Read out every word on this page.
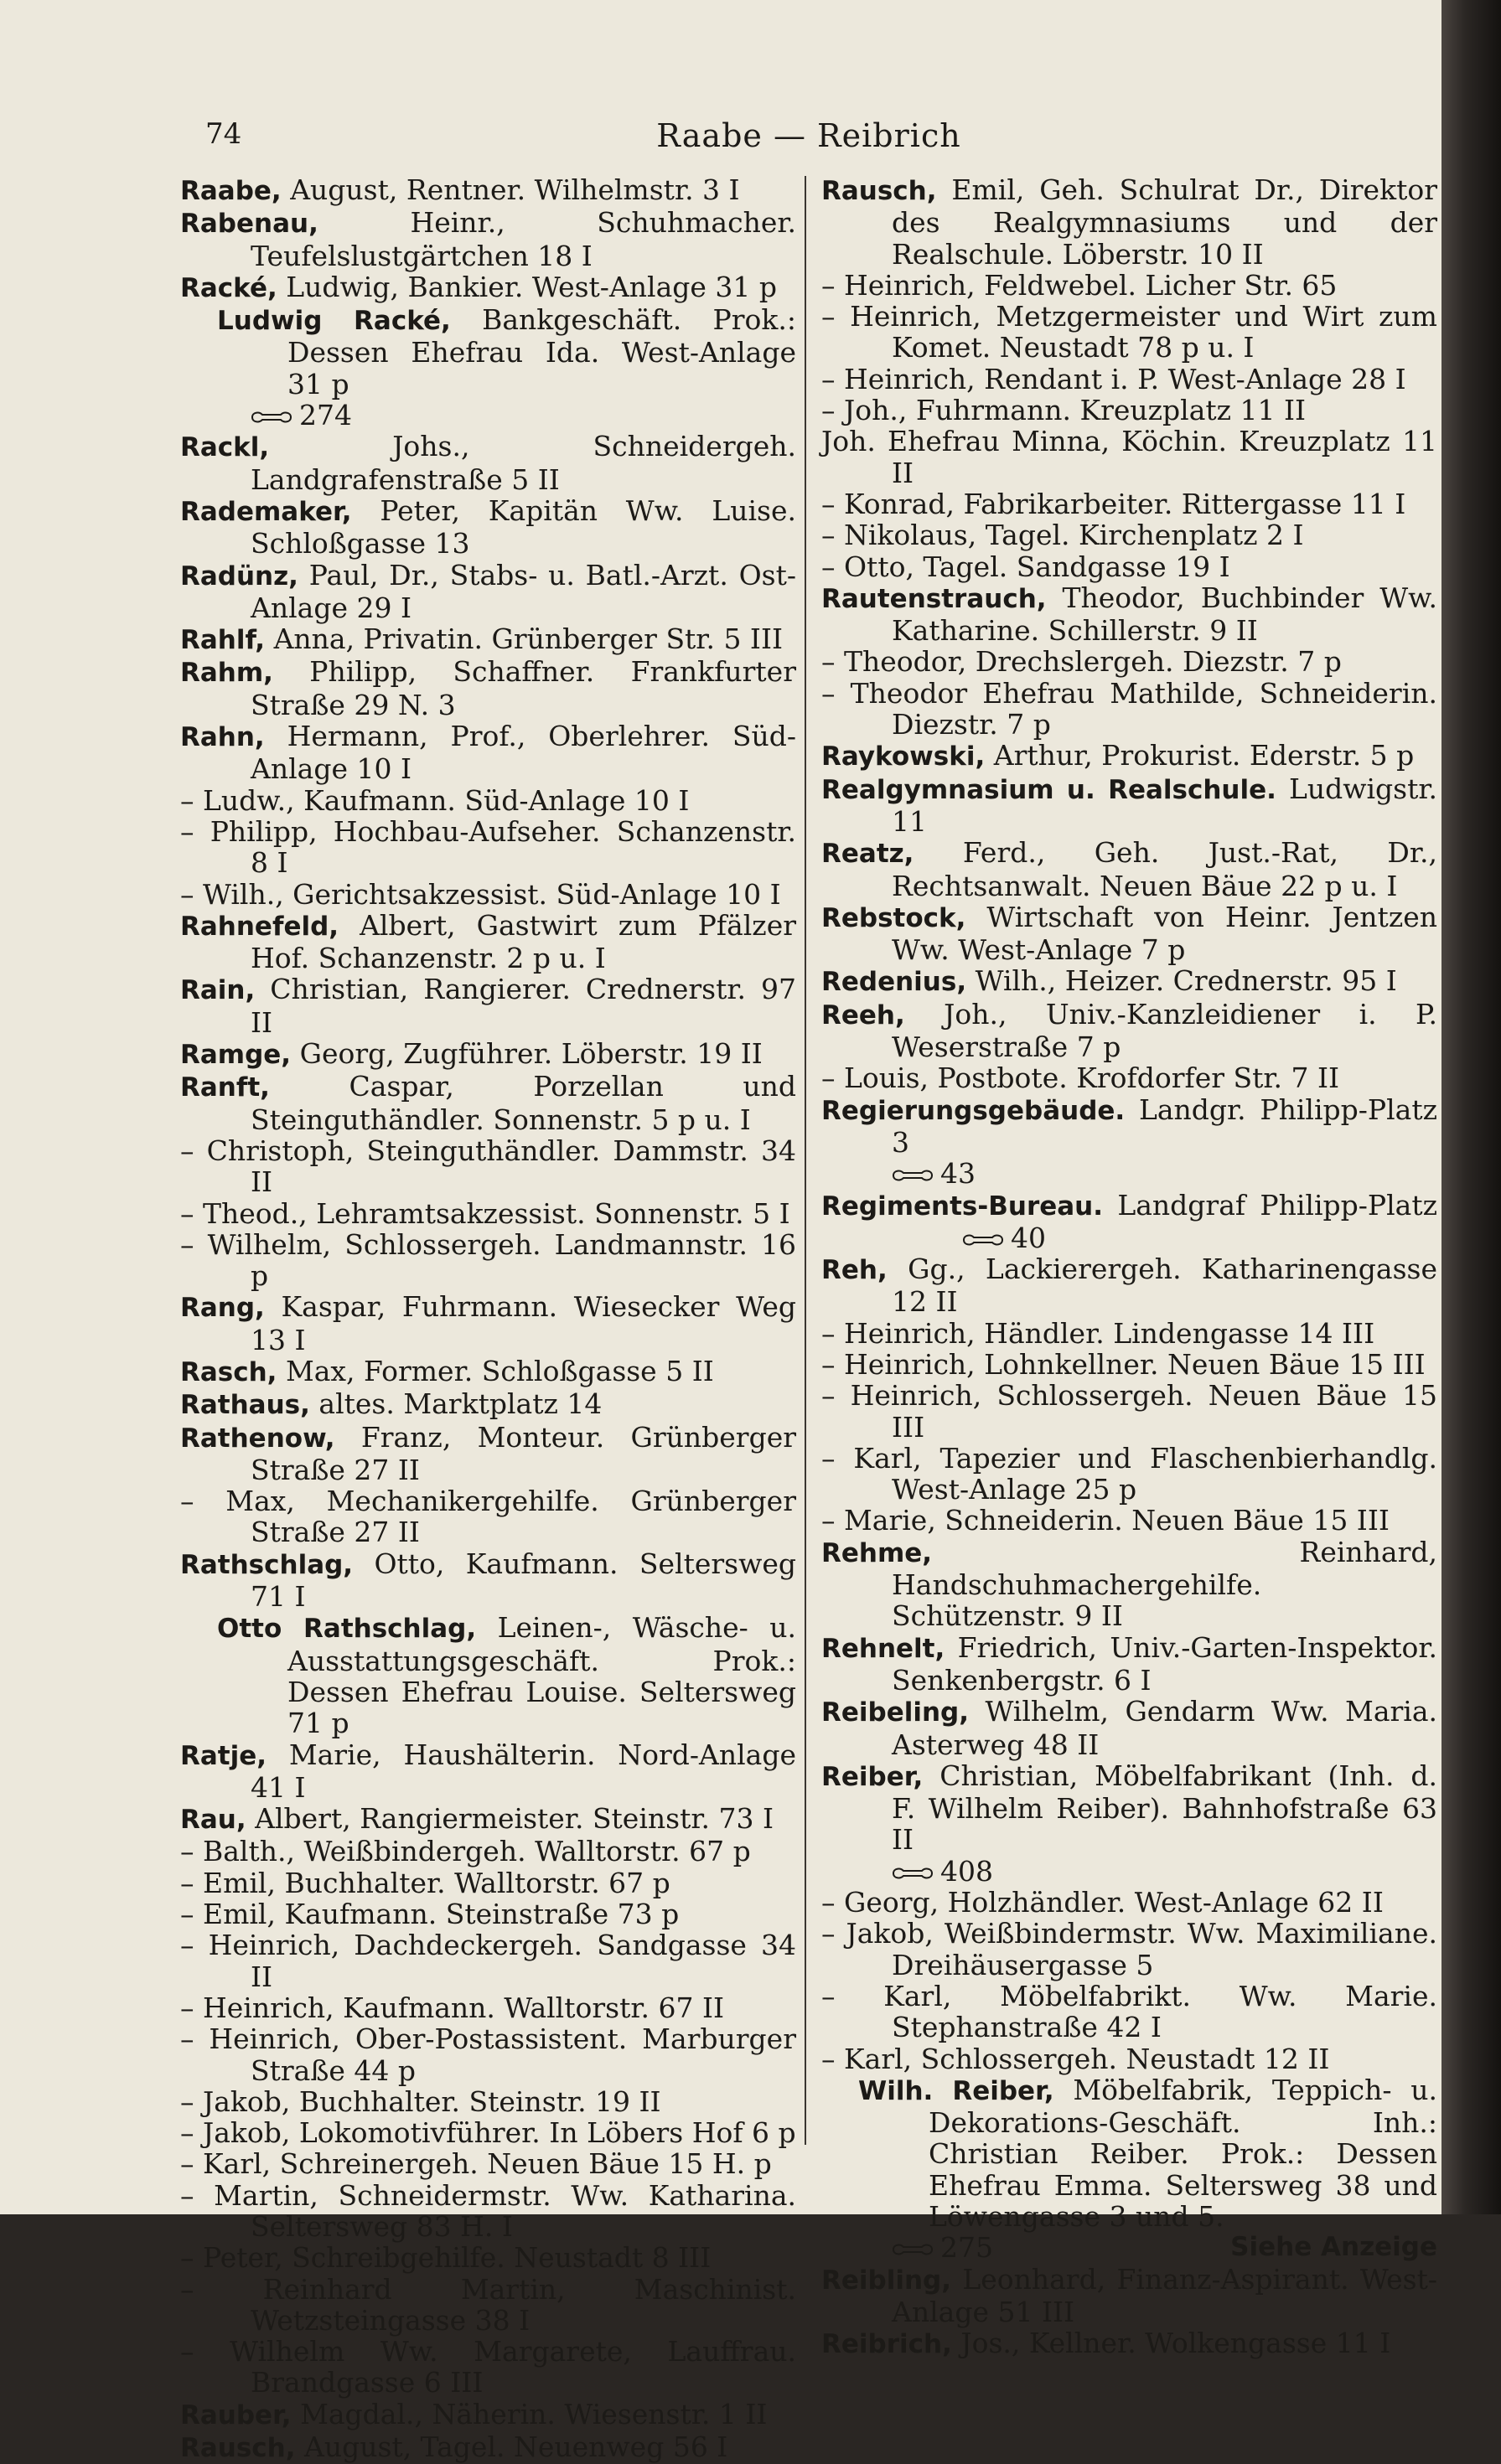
74	Raabe — Reibrich
Raabe, August, Rentner. Wilhelmstr. 3 I
Rabenau,	Heinr., Schuhmacher. Teufelslustgärtchen 18 I
Racké, Ludwig, Bankier. West-Anlage 31 p
Ludwig Racké, Bankgeschäft. Prok.: Dessen Ehefrau Ida. West-Anlage 31 p
274
Rackl,	Johs., Schneidergeh. Landgrafenstraße 5 II
Rademaker, Peter, Kapitän Ww. Luise. Schloßgasse 13
Radünz, Paul, Dr., Stabs- u. Batl.-Arzt. Ost-Anlage 29 I
Rahlf, Anna, Privatin. Grünberger Str. 5 III
Rahm, Philipp, Schaffner. Frankfurter Straße 29 N. 3
Rahn, Hermann, Prof., Oberlehrer. Süd-Anlage 10 I
– Ludw., Kaufmann. Süd-Anlage 10 I
– Philipp, Hochbau-Aufseher. Schanzenstr. 8 I
– Wilh., Gerichtsakzessist. Süd-Anlage 10 I
Rahnefeld, Albert, Gastwirt zum Pfälzer Hof. Schanzenstr. 2 p u. I
Rain, Christian, Rangierer. Crednerstr. 97 II
Ramge, Georg, Zugführer. Löberstr. 19 II
Ranft,	Caspar, Porzellan und Steinguthändler. Sonnenstr. 5 p u. I
– Christoph, Steinguthändler. Dammstr. 34 II
– Theod., Lehramtsakzessist. Sonnenstr. 5 I
– Wilhelm, Schlossergeh. Landmannstr. 16 p
Rang, Kaspar, Fuhrmann. Wiesecker Weg 13 I
Rasch, Max, Former. Schloßgasse 5 II
Rathaus, altes. Marktplatz 14
Rathenow, Franz, Monteur. Grünberger Straße 27 II
– Max, Mechanikergehilfe. Grünberger Straße 27 II
Rathschlag, Otto, Kaufmann. Seltersweg 71 I
Otto Rathschlag, Leinen-, Wäsche- u. Ausstattungsgeschäft. Prok.: Dessen Ehefrau Louise. Seltersweg 71 p
Ratje, Marie, Haushälterin. Nord-Anlage 41 I
Rau, Albert, Rangiermeister. Steinstr. 73 I
– Balth., Weißbindergeh. Walltorstr. 67 p
– Emil, Buchhalter. Walltorstr. 67 p
– Emil, Kaufmann. Steinstraße 73 p
– Heinrich, Dachdeckergeh. Sandgasse 34 II
– Heinrich, Kaufmann. Walltorstr. 67 II
– Heinrich, Ober-Postassistent. Marburger Straße 44 p
– Jakob, Buchhalter. Steinstr. 19 II
– Jakob, Lokomotivführer. In Löbers Hof 6 p
– Karl, Schreinergeh. Neuen Bäue 15 H. p
– Martin, Schneidermstr. Ww. Katharina. Seltersweg 83 H. I
– Peter, Schreibgehilfe. Neustadt 8 III
– Reinhard Martin, Maschinist. Wetzsteingasse 38 I
– Wilhelm Ww. Margarete, Lauffrau. Brandgasse 6 III
Rauber, Magdal., Näherin. Wiesenstr. 1 II
Rausch, August, Tagel. Neuenweg 56 I
Rausch, Emil, Geh. Schulrat Dr., Direktor des Realgymnasiums und der Realschule. Löberstr. 10 II
– Heinrich, Feldwebel. Licher Str. 65
– Heinrich, Metzgermeister und Wirt zum Komet. Neustadt 78 p u. I
– Heinrich, Rendant i. P. West-Anlage 28 I
– Joh., Fuhrmann. Kreuzplatz 11 II
Joh. Ehefrau Minna, Köchin. Kreuzplatz 11 II
– Konrad, Fabrikarbeiter. Rittergasse 11 I
– Nikolaus, Tagel. Kirchenplatz 2 I
– Otto, Tagel. Sandgasse 19 I
Rautenstrauch, Theodor, Buchbinder Ww. Katharine. Schillerstr. 9 II
– Theodor, Drechslergeh. Diezstr. 7 p
– Theodor Ehefrau Mathilde, Schneiderin. Diezstr. 7 p
Raykowski, Arthur, Prokurist. Ederstr. 5 p
Realgymnasium u. Realschule. Ludwigstr. 11
Reatz, Ferd., Geh. Just.-Rat, Dr., Rechtsanwalt. Neuen Bäue 22 p u. I
Rebstock, Wirtschaft von Heinr. Jentzen Ww. West-Anlage 7 p
Redenius, Wilh., Heizer. Crednerstr. 95 I
Reeh, Joh., Univ.-Kanzleidiener i. P. Weserstraße 7 p
– Louis, Postbote. Krofdorfer Str. 7 II
Regierungsgebäude. Landgr. Philipp-Platz 3
43
Regiments-Bureau. Landgraf Philipp-Platz40
Reh, Gg., Lackierergeh. Katharinengasse 12 II
– Heinrich, Händler. Lindengasse 14 III
– Heinrich, Lohnkellner. Neuen Bäue 15 III
– Heinrich, Schlossergeh. Neuen Bäue 15 III
– Karl, Tapezier und Flaschenbierhandlg. West-Anlage 25 p
– Marie, Schneiderin. Neuen Bäue 15 III
Rehme,	Reinhard, Handschuhmachergehilfe. Schützenstr. 9 II
Rehnelt, Friedrich, Univ.-Garten-Inspektor. Senkenbergstr. 6 I
Reibeling, Wilhelm, Gendarm Ww. Maria. Asterweg 48 II
Reiber, Christian, Möbelfabrikant (Inh. d. F. Wilhelm Reiber). Bahnhofstraße 63 II
408
– Georg, Holzhändler. West-Anlage 62 II
– Jakob, Weißbindermstr. Ww. Maximiliane. Dreihäusergasse 5
– Karl, Möbelfabrikt. Ww. Marie. Stephanstraße 42 I
– Karl, Schlossergeh. Neustadt 12 II
Wilh. Reiber, Möbelfabrik, Teppich- u. Dekorations-Geschäft. Inh.: Christian Reiber. Prok.: Dessen Ehefrau Emma. Seltersweg 38 und Löwengasse 3 und 5.
275	Siehe Anzeige
Reibling, Leonhard, Finanz-Aspirant. West-Anlage 51 III
Reibrich, Jos., Kellner. Wolkengasse 11 I
